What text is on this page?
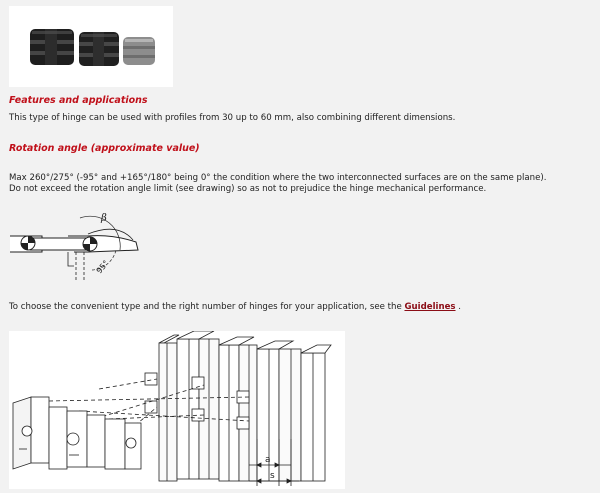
Features and applications

This type of hinge can be used with profiles from 30 up to 60 mm, also combining different dimensions.

Rotation angle (approximate value)

Max 260°/275° (-95° and +165°/180° being 0° the condition where the two interconnected surfaces are on the same plane).

Do not exceed the rotation angle limit (see drawing) so as not to prejudice the hinge mechanical performance.

β
95°

To choose the convenient type and the right number of hinges for your application, see the Guidelines .

a
s
